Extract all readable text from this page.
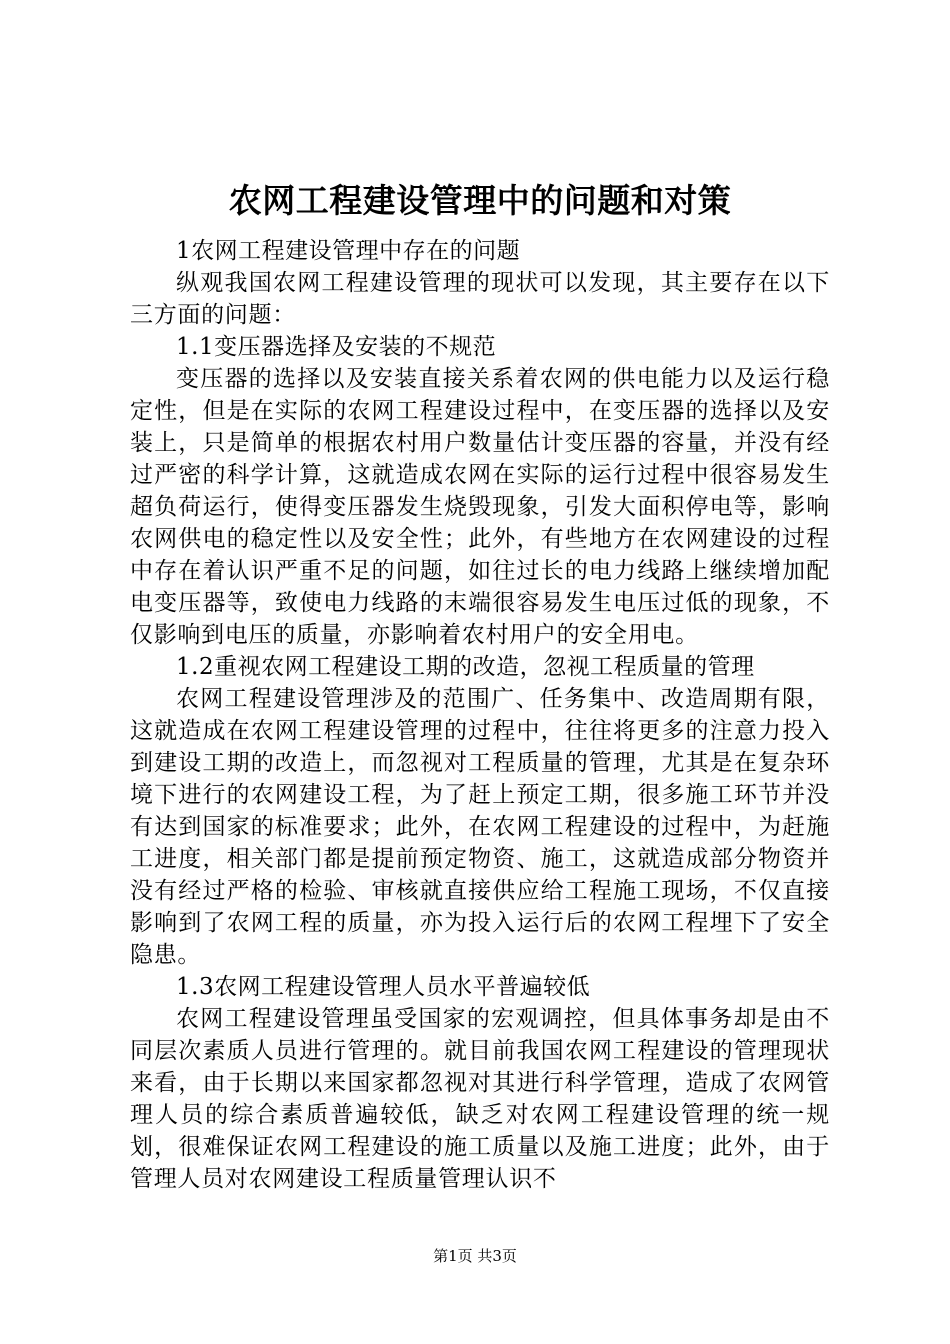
农网工程建设管理中的问题和对策

1农网工程建设管理中存在的问题

纵观我国农网工程建设管理的现状可以发现，其主要存在以下三方面的问题：

1.1变压器选择及安装的不规范

变压器的选择以及安装直接关系着农网的供电能力以及运行稳定性，但是在实际的农网工程建设过程中，在变压器的选择以及安装上，只是简单的根据农村用户数量估计变压器的容量，并没有经过严密的科学计算，这就造成农网在实际的运行过程中很容易发生超负荷运行，使得变压器发生烧毁现象，引发大面积停电等，影响农网供电的稳定性以及安全性；此外，有些地方在农网建设的过程中存在着认识严重不足的问题，如往过长的电力线路上继续增加配电变压器等，致使电力线路的末端很容易发生电压过低的现象，不仅影响到电压的质量，亦影响着农村用户的安全用电。

1.2重视农网工程建设工期的改造，忽视工程质量的管理

农网工程建设管理涉及的范围广、任务集中、改造周期有限，这就造成在农网工程建设管理的过程中，往往将更多的注意力投入到建设工期的改造上，而忽视对工程质量的管理，尤其是在复杂环境下进行的农网建设工程，为了赶上预定工期，很多施工环节并没有达到国家的标准要求；此外，在农网工程建设的过程中，为赶施工进度，相关部门都是提前预定物资、施工，这就造成部分物资并没有经过严格的检验、审核就直接供应给工程施工现场，不仅直接影响到了农网工程的质量，亦为投入运行后的农网工程埋下了安全隐患。

1.3农网工程建设管理人员水平普遍较低

农网工程建设管理虽受国家的宏观调控，但具体事务却是由不同层次素质人员进行管理的。就目前我国农网工程建设的管理现状来看，由于长期以来国家都忽视对其进行科学管理，造成了农网管理人员的综合素质普遍较低，缺乏对农网工程建设管理的统一规划，很难保证农网工程建设的施工质量以及施工进度；此外，由于管理人员对农网建设工程质量管理认识不

第1页 共3页
